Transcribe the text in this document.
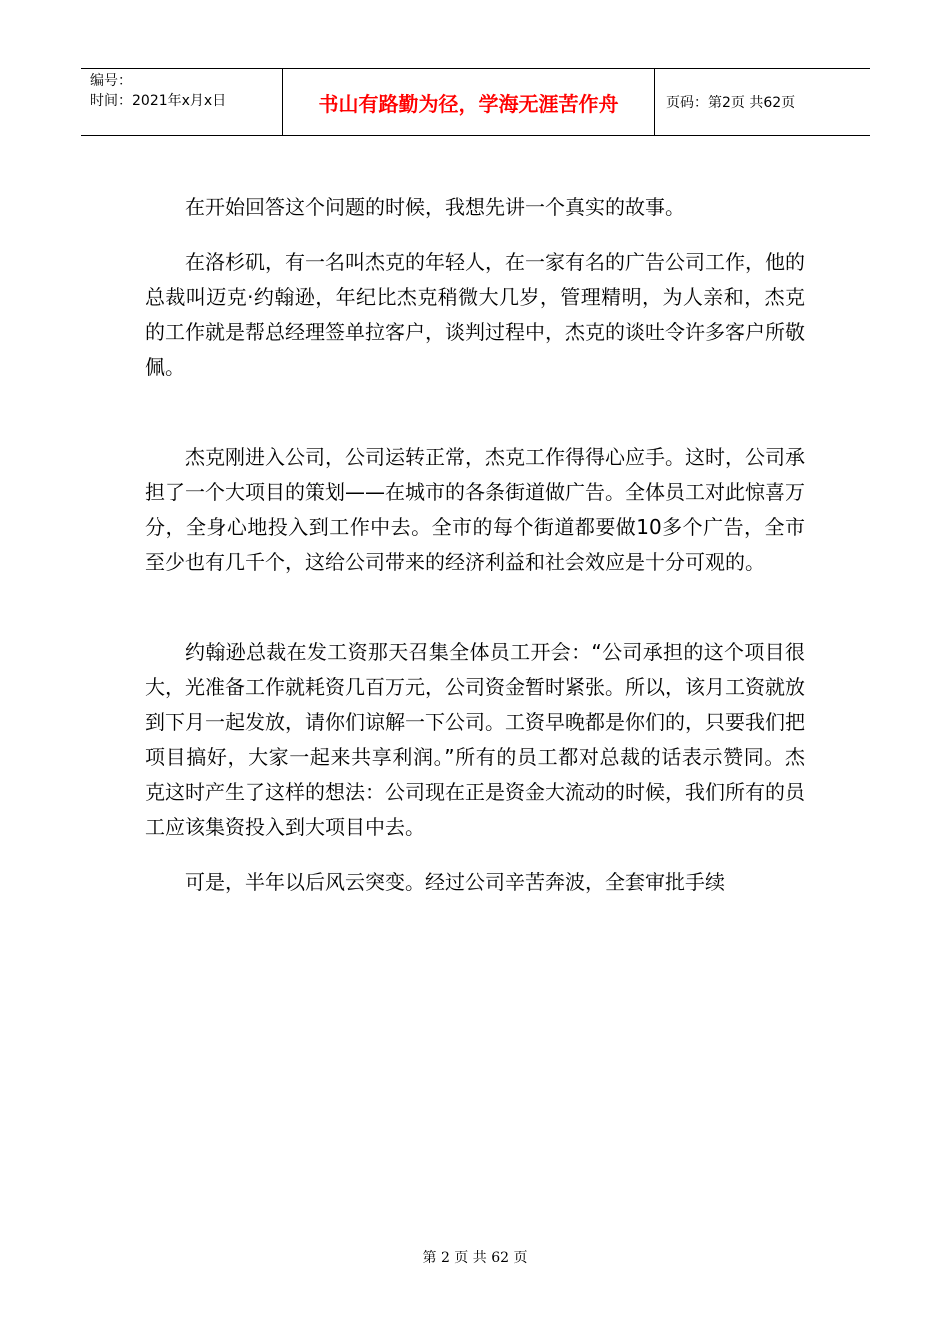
编号：
时间：2021年x月x日	书山有路勤为径，学海无涯苦作舟	页码：第2页 共62页

在开始回答这个问题的时候，我想先讲一个真实的故事。

在洛杉矶，有一名叫杰克的年轻人，在一家有名的广告公司工作，他的总裁叫迈克·约翰逊，年纪比杰克稍微大几岁，管理精明，为人亲和，杰克的工作就是帮总经理签单拉客户，谈判过程中，杰克的谈吐令许多客户所敬佩。

杰克刚进入公司，公司运转正常，杰克工作得得心应手。这时，公司承担了一个大项目的策划——在城市的各条街道做广告。全体员工对此惊喜万分，全身心地投入到工作中去。全市的每个街道都要做10多个广告，全市至少也有几千个，这给公司带来的经济利益和社会效应是十分可观的。

约翰逊总裁在发工资那天召集全体员工开会：“公司承担的这个项目很大，光准备工作就耗资几百万元，公司资金暂时紧张。所以，该月工资就放到下月一起发放，请你们谅解一下公司。工资早晚都是你们的，只要我们把项目搞好，大家一起来共享利润。”所有的员工都对总裁的话表示赞同。杰克这时产生了这样的想法：公司现在正是资金大流动的时候，我们所有的员工应该集资投入到大项目中去。

可是，半年以后风云突变。经过公司辛苦奔波，全套审批手续

第 2 页 共 62 页
